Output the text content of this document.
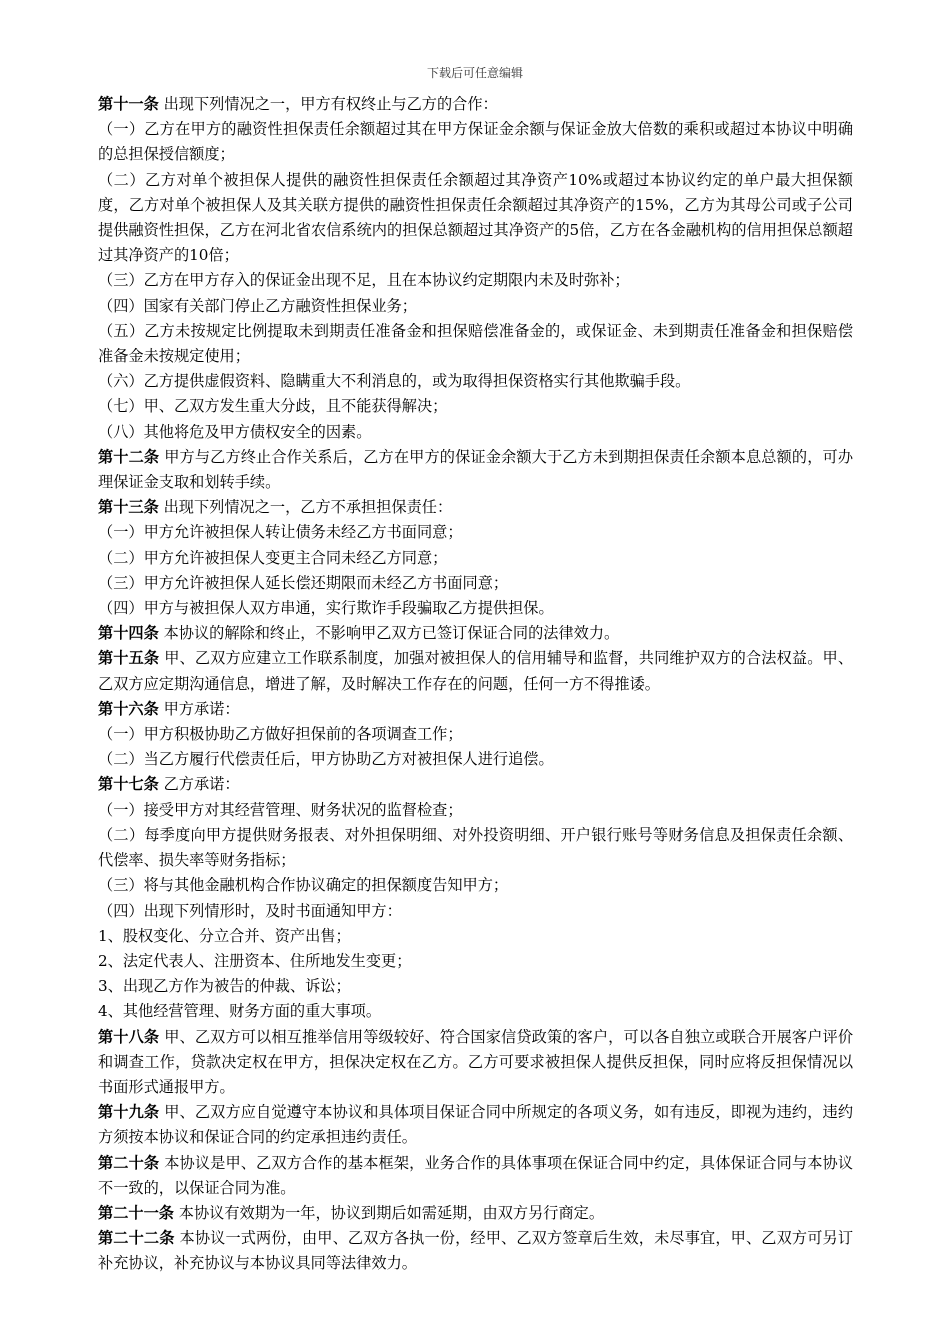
下载后可任意编辑

第十一条 出现下列情况之一，甲方有权终止与乙方的合作：

（一）乙方在甲方的融资性担保责任余额超过其在甲方保证金余额与保证金放大倍数的乘积或超过本协议中明确的总担保授信额度；

（二）乙方对单个被担保人提供的融资性担保责任余额超过其净资产10%或超过本协议约定的单户最大担保额度，乙方对单个被担保人及其关联方提供的融资性担保责任余额超过其净资产的15%，乙方为其母公司或子公司提供融资性担保，乙方在河北省农信系统内的担保总额超过其净资产的5倍，乙方在各金融机构的信用担保总额超过其净资产的10倍；

（三）乙方在甲方存入的保证金出现不足，且在本协议约定期限内未及时弥补；

（四）国家有关部门停止乙方融资性担保业务；

（五）乙方未按规定比例提取未到期责任准备金和担保赔偿准备金的，或保证金、未到期责任准备金和担保赔偿准备金未按规定使用；

（六）乙方提供虚假资料、隐瞒重大不利消息的，或为取得担保资格实行其他欺骗手段。

（七）甲、乙双方发生重大分歧，且不能获得解决；

（八）其他将危及甲方债权安全的因素。

第十二条 甲方与乙方终止合作关系后，乙方在甲方的保证金余额大于乙方未到期担保责任余额本息总额的，可办理保证金支取和划转手续。

第十三条 出现下列情况之一，乙方不承担担保责任：

（一）甲方允许被担保人转让债务未经乙方书面同意；

（二）甲方允许被担保人变更主合同未经乙方同意；

（三）甲方允许被担保人延长偿还期限而未经乙方书面同意；

（四）甲方与被担保人双方串通，实行欺诈手段骗取乙方提供担保。

第十四条 本协议的解除和终止，不影响甲乙双方已签订保证合同的法律效力。

第十五条 甲、乙双方应建立工作联系制度，加强对被担保人的信用辅导和监督，共同维护双方的合法权益。甲、乙双方应定期沟通信息，增进了解，及时解决工作存在的问题，任何一方不得推诿。

第十六条 甲方承诺：

（一）甲方积极协助乙方做好担保前的各项调查工作；

（二）当乙方履行代偿责任后，甲方协助乙方对被担保人进行追偿。

第十七条 乙方承诺：

（一）接受甲方对其经营管理、财务状况的监督检查；

（二）每季度向甲方提供财务报表、对外担保明细、对外投资明细、开户银行账号等财务信息及担保责任余额、代偿率、损失率等财务指标；

（三）将与其他金融机构合作协议确定的担保额度告知甲方；

（四）出现下列情形时，及时书面通知甲方：

1、股权变化、分立合并、资产出售；

2、法定代表人、注册资本、住所地发生变更；

3、出现乙方作为被告的仲裁、诉讼；

4、其他经营管理、财务方面的重大事项。

第十八条 甲、乙双方可以相互推举信用等级较好、符合国家信贷政策的客户，可以各自独立或联合开展客户评价和调查工作，贷款决定权在甲方，担保决定权在乙方。乙方可要求被担保人提供反担保，同时应将反担保情况以书面形式通报甲方。

第十九条 甲、乙双方应自觉遵守本协议和具体项目保证合同中所规定的各项义务，如有违反，即视为违约，违约方须按本协议和保证合同的约定承担违约责任。

第二十条 本协议是甲、乙双方合作的基本框架，业务合作的具体事项在保证合同中约定，具体保证合同与本协议不一致的，以保证合同为准。

第二十一条 本协议有效期为一年，协议到期后如需延期，由双方另行商定。

第二十二条 本协议一式两份，由甲、乙双方各执一份，经甲、乙双方签章后生效，未尽事宜，甲、乙双方可另订补充协议，补充协议与本协议具同等法律效力。
